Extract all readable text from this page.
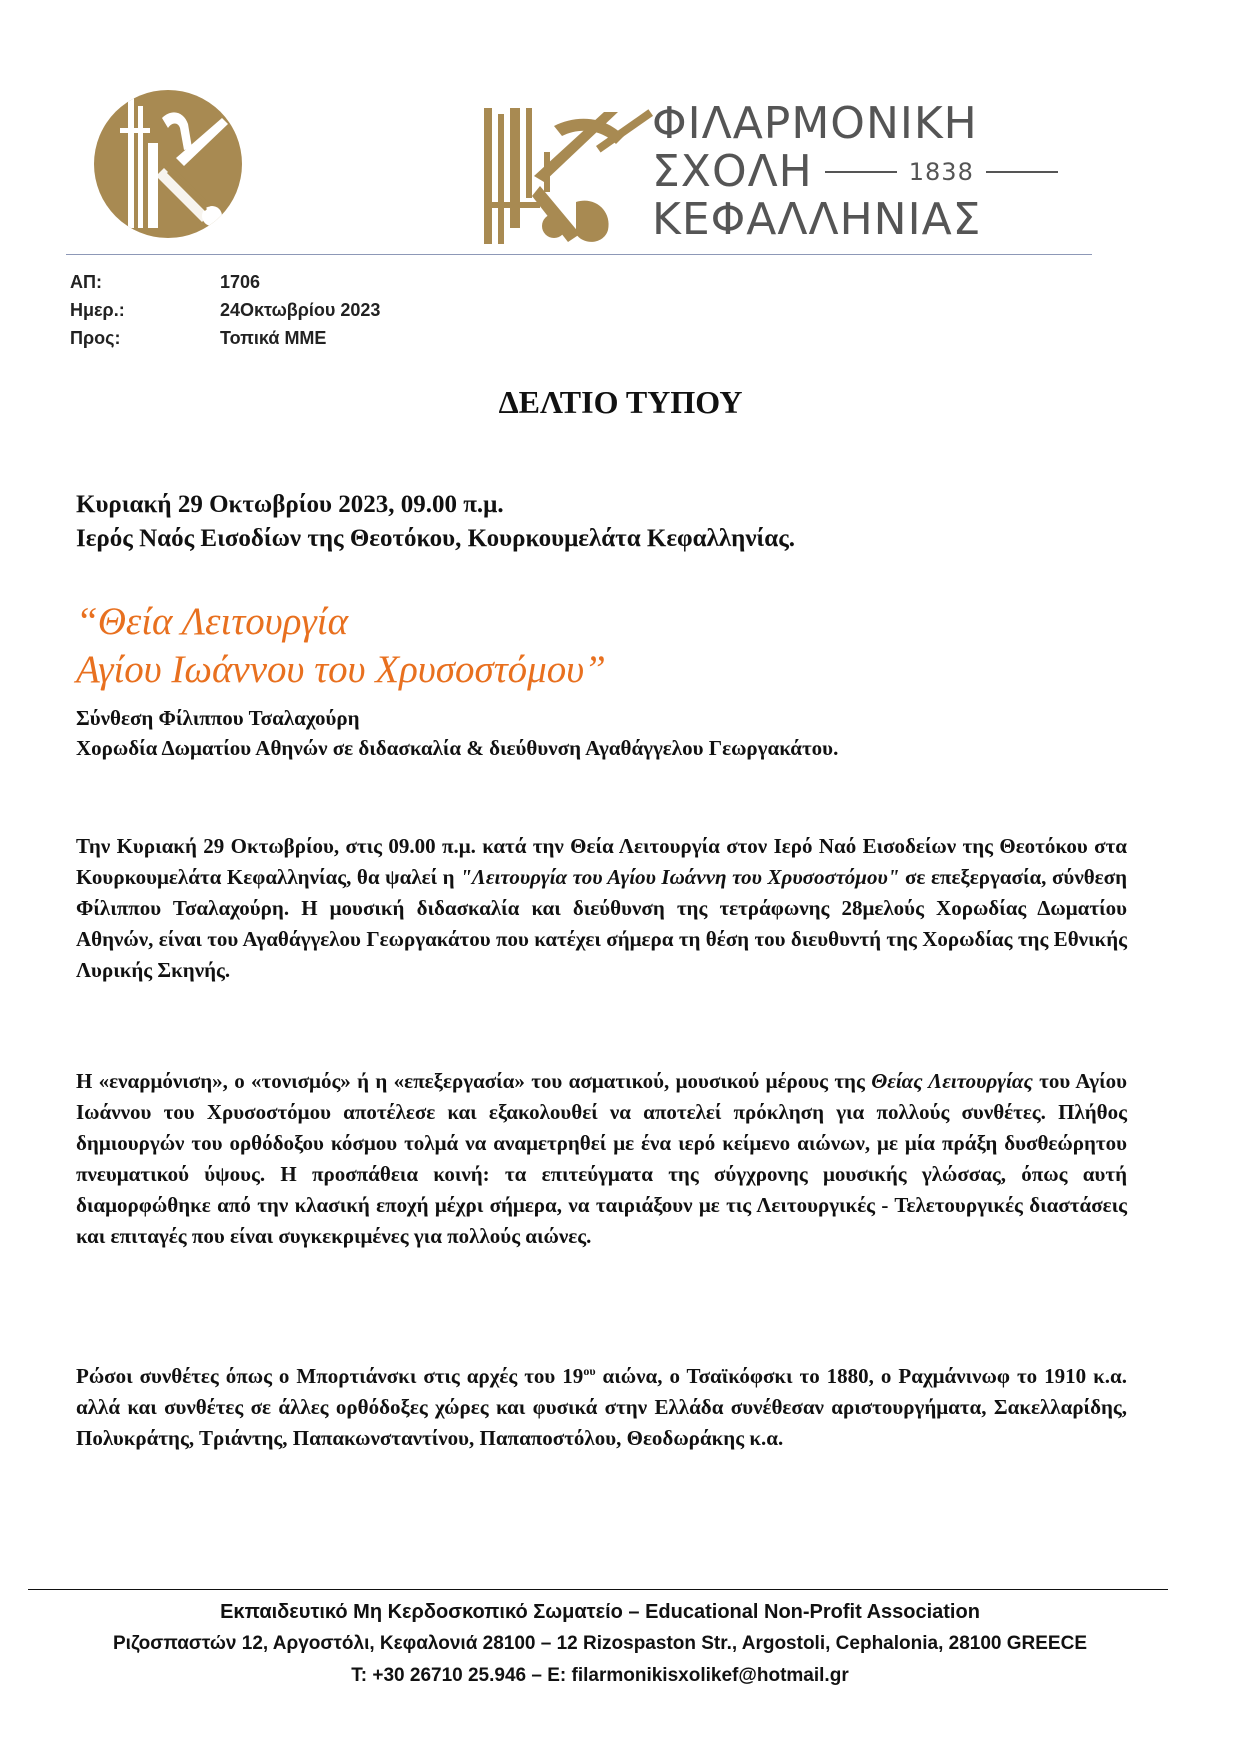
ΦΙΛΑΡΜΟΝΙΚΗ
ΣΧΟΛΗ	1838
ΚΕΦΑΛΛΗΝΙΑΣ
ΑΠ:	1706
Ημερ.:	24Οκτωβρίου 2023
Προς:	Τοπικά ΜΜΕ
ΔΕΛΤΙΟ ΤΥΠΟΥ
Κυριακή 29 Οκτωβρίου 2023, 09.00 π.μ.
Ιερός Ναός Εισοδίων της Θεοτόκου, Κουρκουμελάτα Κεφαλληνίας.
“Θεία Λειτουργία
Αγίου Ιωάννου του Χρυσοστόμου”
Σύνθεση Φίλιππου Τσαλαχούρη
Χορωδία Δωματίου Αθηνών σε διδασκαλία & διεύθυνση Αγαθάγγελου Γεωργακάτου.
Την Κυριακή 29 Οκτωβρίου, στις 09.00 π.μ. κατά την Θεία Λειτουργία στον Ιερό Ναό Εισοδείων της Θεοτόκου στα Κουρκουμελάτα Κεφαλληνίας, θα ψαλεί η "Λειτουργία του Αγίου Ιωάννη του Χρυσοστόμου" σε επεξεργασία, σύνθεση Φίλιππου Τσαλαχούρη. Η μουσική διδασκαλία και διεύθυνση της τετράφωνης 28μελούς Χορωδίας Δωματίου Αθηνών, είναι του Αγαθάγγελου Γεωργακάτου που κατέχει σήμερα τη θέση του διευθυντή της Χορωδίας της Εθνικής Λυρικής Σκηνής.
Η «εναρμόνιση», ο «τονισμός» ή η «επεξεργασία» του ασματικού, μουσικού μέρους της Θείας Λειτουργίας του Αγίου Ιωάννου του Χρυσοστόμου αποτέλεσε και εξακολουθεί να αποτελεί πρόκληση για πολλούς συνθέτες. Πλήθος δημιουργών του ορθόδοξου κόσμου τολμά να αναμετρηθεί με ένα ιερό κείμενο αιώνων, με μία πράξη δυσθεώρητου πνευματικού ύψους. Η προσπάθεια κοινή: τα επιτεύγματα της σύγχρονης μουσικής γλώσσας, όπως αυτή διαμορφώθηκε από την κλασική εποχή μέχρι σήμερα, να ταιριάξουν με τις Λειτουργικές - Τελετουργικές διαστάσεις και επιταγές που είναι συγκεκριμένες για πολλούς αιώνες.
Ρώσοι συνθέτες όπως ο Μπορτιάνσκι στις αρχές του $19^{o\upsilon}$ αιώνα, ο Τσαϊκόφσκι το 1880, ο Ραχμάνινωφ το 1910 κ.α. αλλά και συνθέτες σε άλλες ορθόδοξες χώρες και φυσικά στην Ελλάδα συνέθεσαν αριστουργήματα, Σακελλαρίδης, Πολυκράτης, Τριάντης, Παπακωνσταντίνου, Παπαποστόλου, Θεοδωράκης κ.α.
Εκπαιδευτικό Μη Κερδοσκοπικό Σωματείο – Educational Non-Profit Association
Ριζοσπαστών 12, Αργοστόλι, Κεφαλονιά 28100 – 12 Rizospaston Str., Argostoli, Cephalonia, 28100 GREECE
T: +30 26710 25.946 – E: filarmonikisxolikef@hotmail.gr
